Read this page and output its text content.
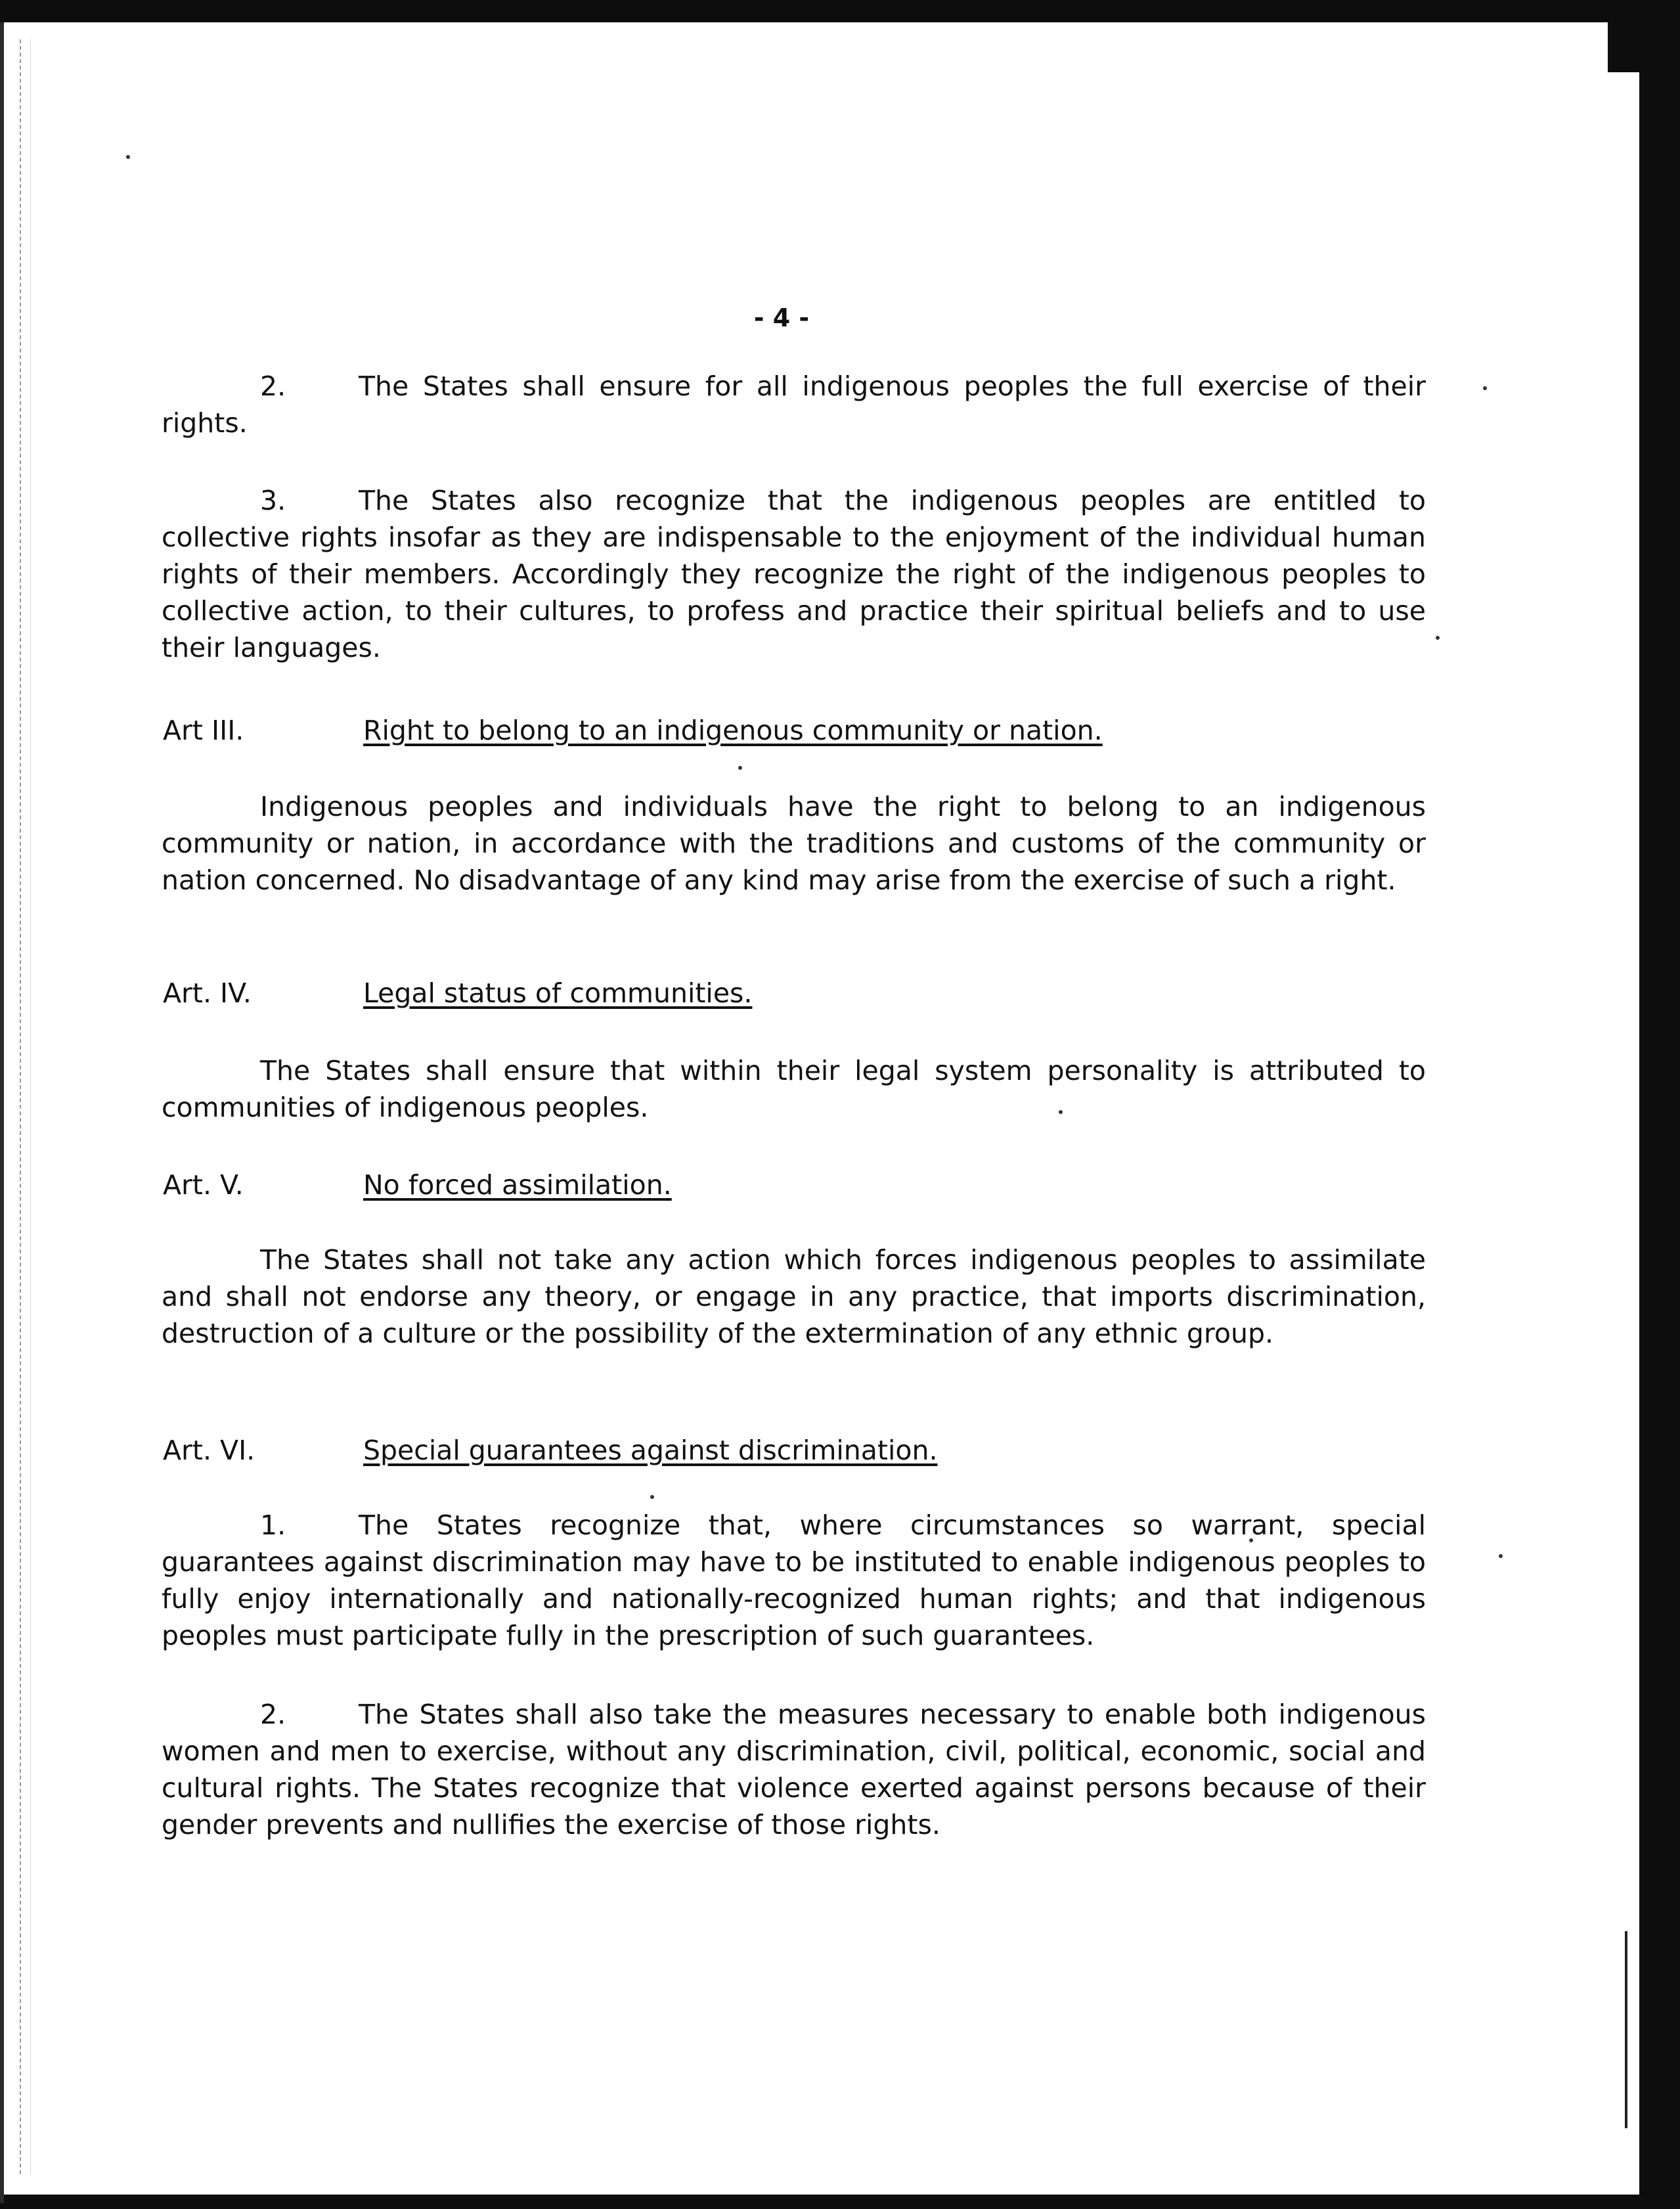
- 4 -
2.	The States shall ensure for all indigenous peoples the full exercise of their rights.
3.	The States also recognize that the indigenous peoples are entitled to collective rights insofar as they are indispensable to the enjoyment of the individual human rights of their members. Accordingly they recognize the right of the indigenous peoples to collective action, to their cultures, to profess and practice their spiritual beliefs and to use their languages.
Art III.	Right to belong to an indigenous community or nation.
Indigenous peoples and individuals have the right to belong to an indigenous community or nation, in accordance with the traditions and customs of the community or nation concerned. No disadvantage of any kind may arise from the exercise of such a right.
Art. IV.	Legal status of communities.
The States shall ensure that within their legal system personality is attributed to communities of indigenous peoples.
Art. V.	No forced assimilation.
The States shall not take any action which forces indigenous peoples to assimilate and shall not endorse any theory, or engage in any practice, that imports discrimination, destruction of a culture or the possibility of the extermination of any ethnic group.
Art. VI.	Special guarantees against discrimination.
1.	The States recognize that, where circumstances so warrant, special guarantees against discrimination may have to be instituted to enable indigenous peoples to fully enjoy internationally and nationally-recognized human rights; and that indigenous peoples must participate fully in the prescription of such guarantees.
2.	The States shall also take the measures necessary to enable both indigenous women and men to exercise, without any discrimination, civil, political, economic, social and cultural rights. The States recognize that violence exerted against persons because of their gender prevents and nullifies the exercise of those rights.
